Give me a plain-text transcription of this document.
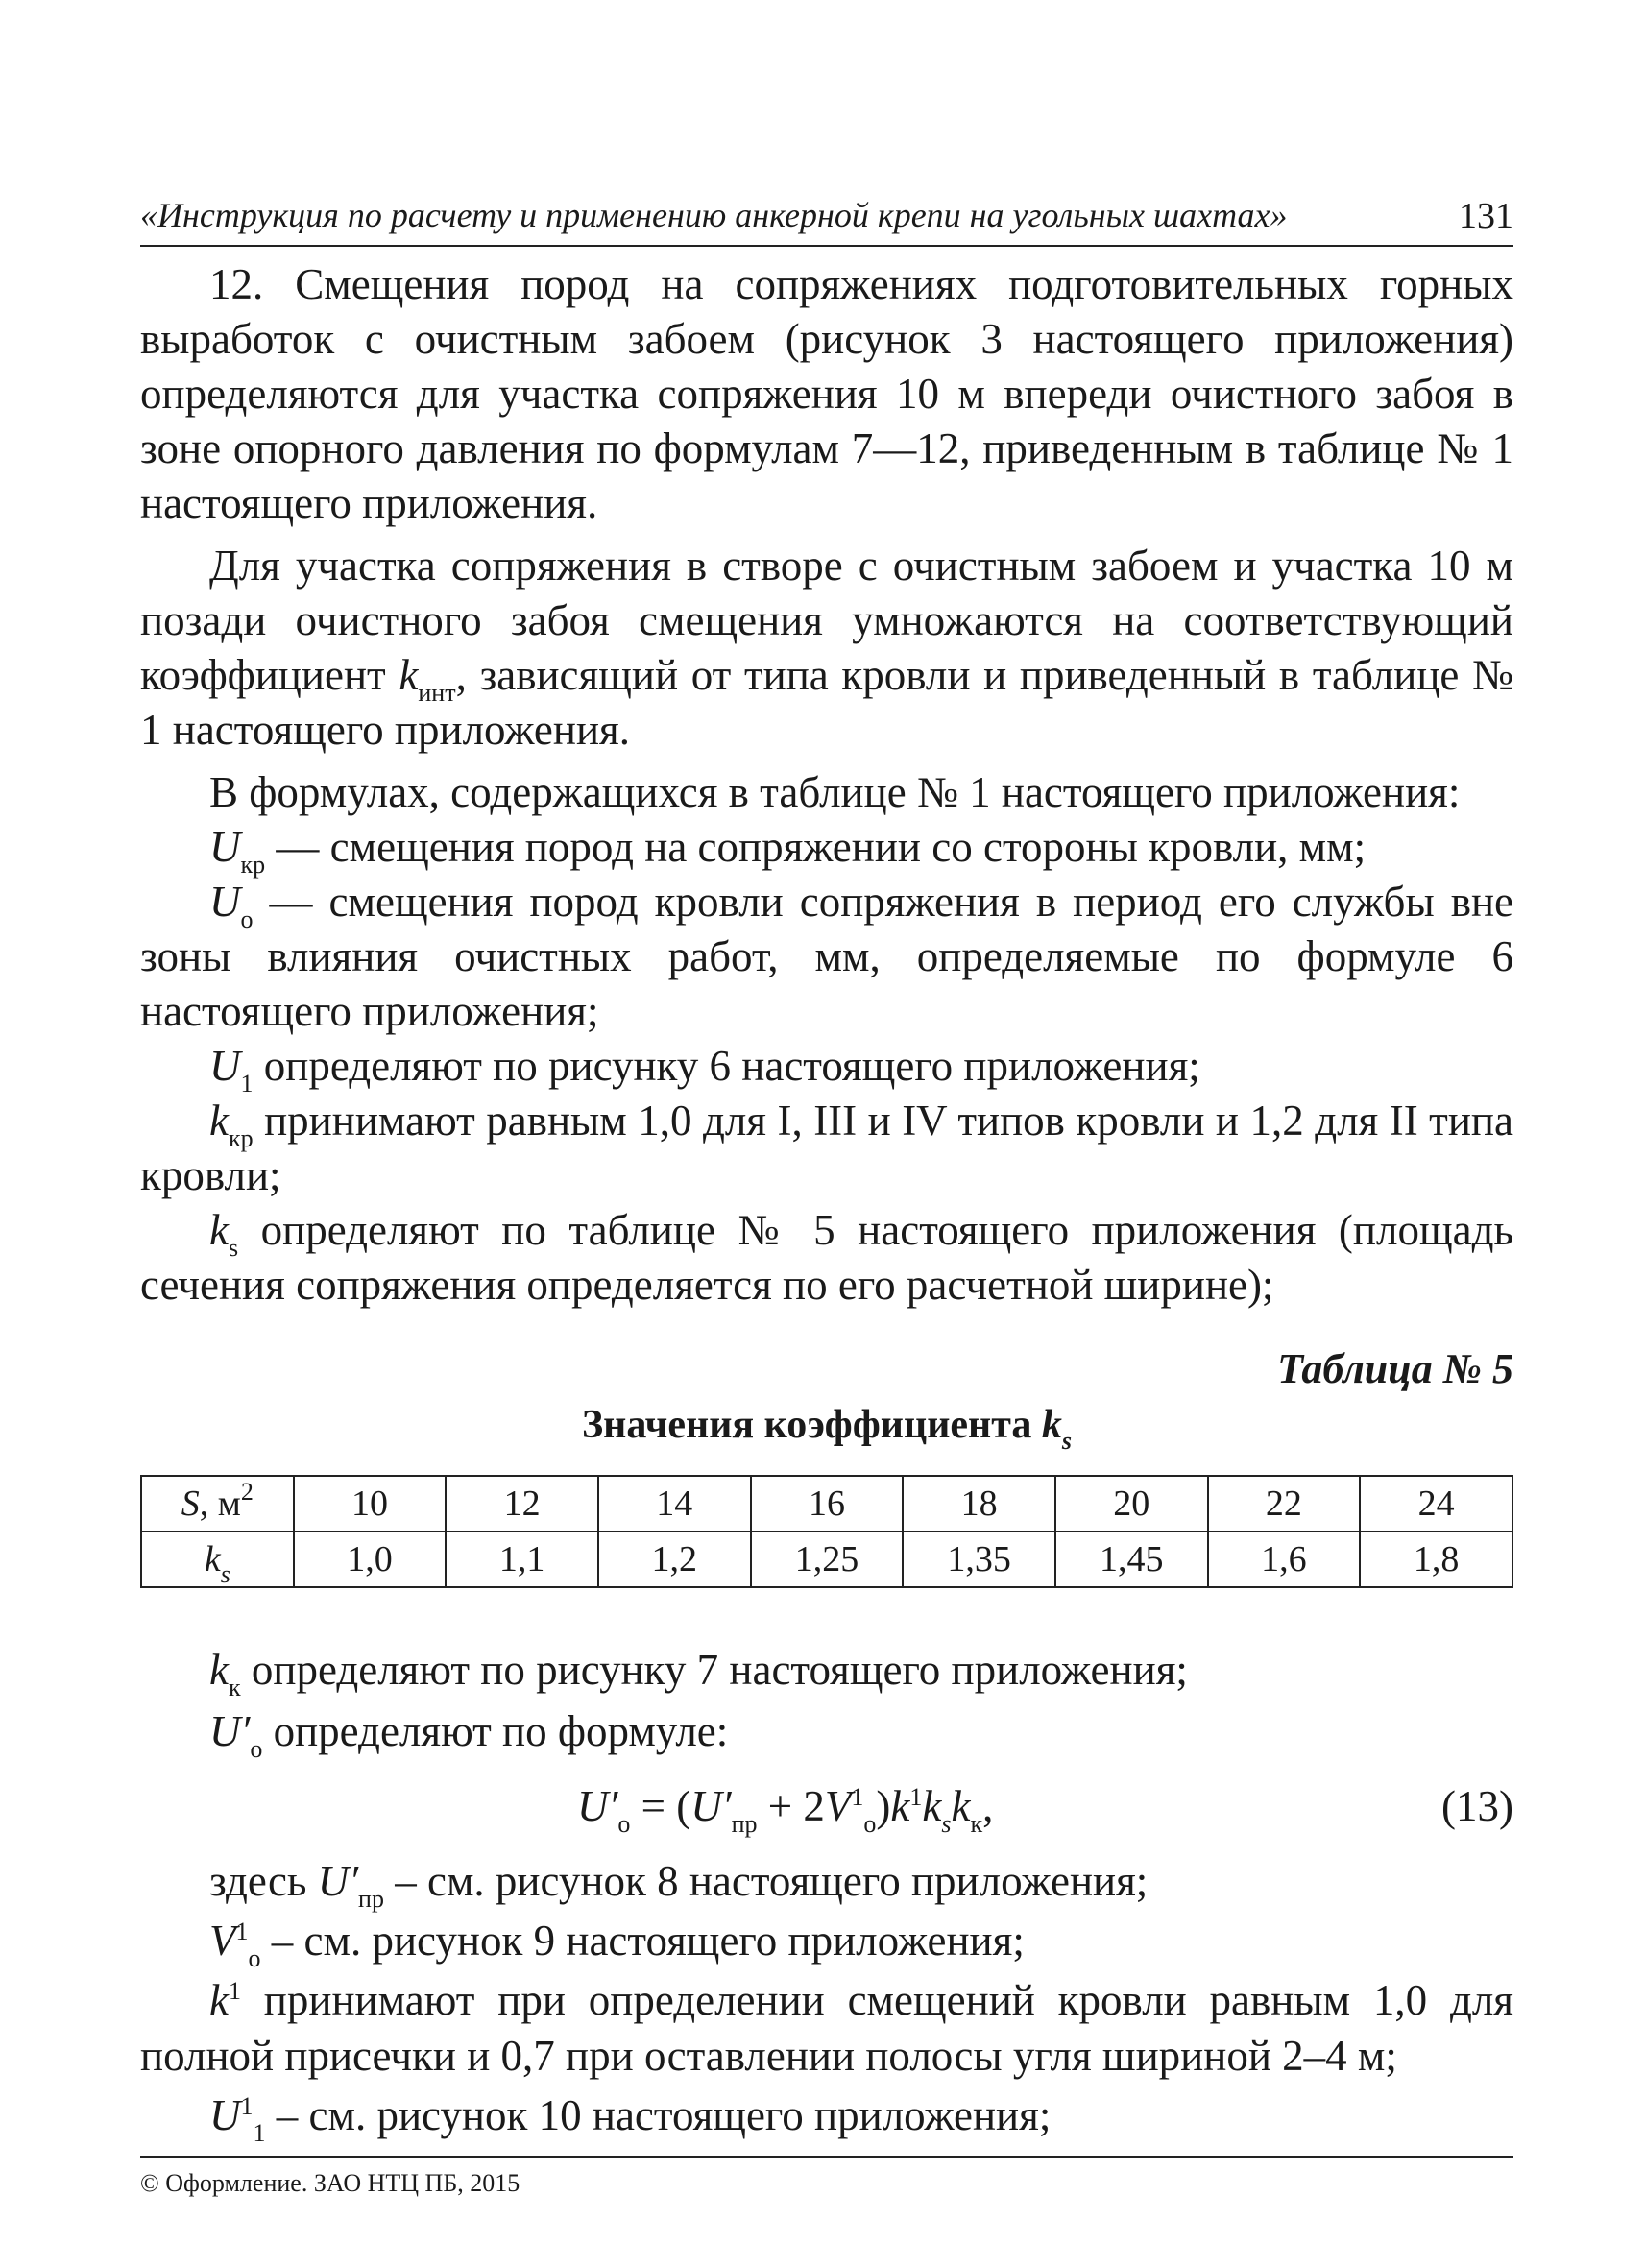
«Инструкция по расчету и применению анкерной крепи на угольных шахтах»	131

12. Смещения пород на сопряжениях подготовительных горных выработок с очистным забоем (рисунок 3 настоящего приложения) определяются для участка сопряжения 10 м впереди очистного забоя в зоне опорного давления по формулам 7—12, приведенным в таблице № 1 настоящего приложения.

Для участка сопряжения в створе с очистным забоем и участка 10 м позади очистного забоя смещения умножаются на соответствующий коэффициент $k_{инт}$, зависящий от типа кровли и приведенный в таблице № 1 настоящего приложения.

В формулах, содержащихся в таблице № 1 настоящего приложения:

$U_{кр}$ — смещения пород на сопряжении со стороны кровли, мм;

$U_о$ — смещения пород кровли сопряжения в период его службы вне зоны влияния очистных работ, мм, определяемые по формуле 6 настоящего приложения;

$U_1$ определяют по рисунку 6 настоящего приложения;

$k_{кр}$ принимают равным 1,0 для I, III и IV типов кровли и 1,2 для II типа кровли;

$k_s$ определяют по таблице № 5 настоящего приложения (площадь сечения сопряжения определяется по его расчетной ширине);

Таблица № 5
Значения коэффициента $k_s$
S, $м^2$	10	12	14	16	18	20	22	24
$k_s$	1,0	1,1	1,2	1,25	1,35	1,45	1,6	1,8

$k_к$ определяют по рисунку 7 настоящего приложения;

$U'_о$ определяют по формуле:

$U'_о = (U'_{пр} + 2V^1_о)k^1k_sk_к$,	(13)

здесь $U'_{пр}$ – см. рисунок 8 настоящего приложения;

$V^1_о$ – см. рисунок 9 настоящего приложения;

$k^1$ принимают при определении смещений кровли равным 1,0 для полной присечки и 0,7 при оставлении полосы угля шириной 2–4 м;

$U^1_1$ – см. рисунок 10 настоящего приложения;

© Оформление. ЗАО НТЦ ПБ, 2015
